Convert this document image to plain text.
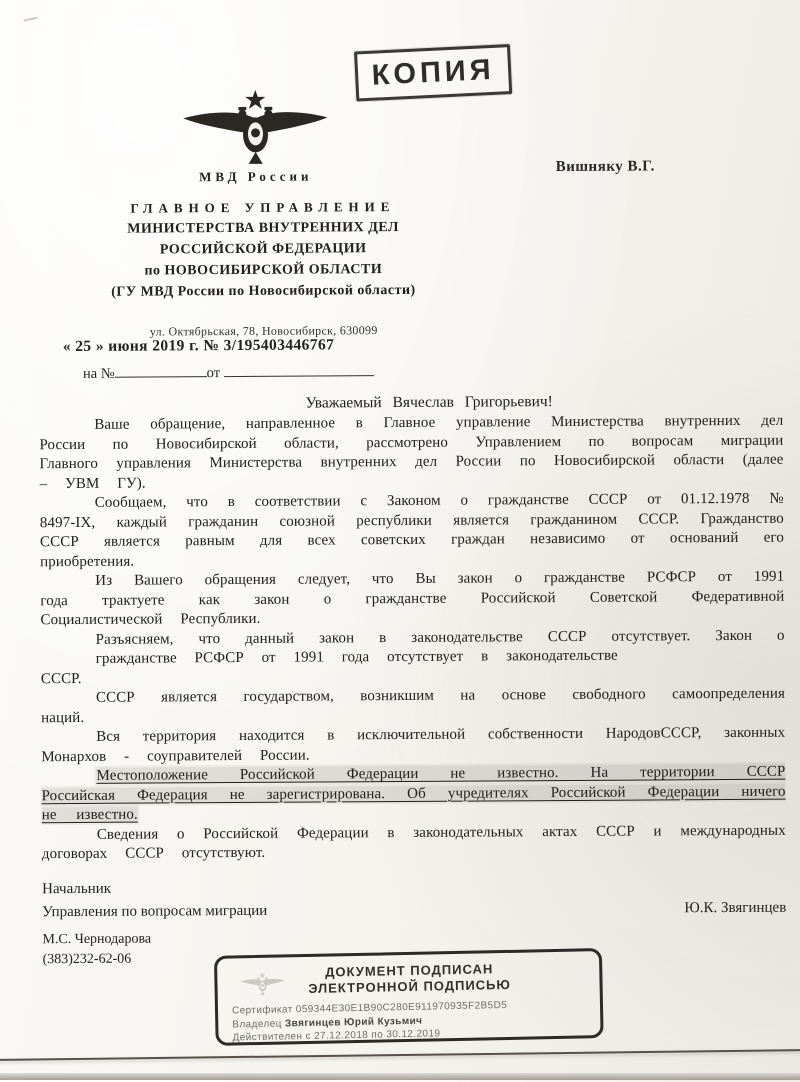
КОПИЯ
МВД России
ГЛАВНОЕ УПРАВЛЕНИЕ
МИНИСТЕРСТВА ВНУТРЕННИХ ДЕЛ
РОССИЙСКОЙ ФЕДЕРАЦИИ
по НОВОСИБИРСКОЙ ОБЛАСТИ
(ГУ МВД России по Новосибирской области)
ул. Октябрьская, 78, Новосибирск, 630099
Вишняку В.Г.
« 25 » июня 2019 г. № 3/195403446767
на №	от
Уважаемый Вячеслав Григорьевич!

Ваше обращение, направленное в Главное управление Министерства внутренних дел России по Новосибирской области, рассмотрено Управлением по вопросам миграции Главного управления Министерства внутренних дел России по Новосибирской области (далее – УВМ ГУ).

Сообщаем, что в соответствии с Законом о гражданстве СССР от 01.12.1978 № 8497-IX, каждый гражданин союзной республики является гражданином СССР. Гражданство СССР является равным для всех советских граждан независимо от оснований его приобретения.

Из Вашего обращения следует, что Вы закон о гражданстве РСФСР от 1991 года трактуете как закон о гражданстве Российской Советской Федеративной Социалистической Республики.

Разъясняем, что данный закон в законодательстве СССР отсутствует. Закон о

гражданстве РСФСР от 1991 года отсутствует в законодательстве

СССР.

СССР является государством, возникшим на основе свободного самоопределения наций.

Вся территория находится в исключительной собственности НародовСССР, законных Монархов - соуправителей России.

Местоположение Российской Федерации не известно. На территории СССР Российская Федерация не зарегистрирована. Об учредителях Российской Федерации ничего не известно.

Сведения о Российской Федерации в законодательных актах СССР и международных договорах СССР отсутствуют.

Начальник
Управления по вопросам миграции	Ю.К. Звягинцев
М.С. Чернодарова
(383)232-62-06
ДОКУМЕНТ ПОДПИСАН
ЭЛЕКТРОННОЙ ПОДПИСЬЮ
Сертификат 059344E30E1B90C280E911970935F2B5D5
Владелец Звягинцев Юрий Кузьмич
Действителен с 27.12.2018 по 30.12.2019
